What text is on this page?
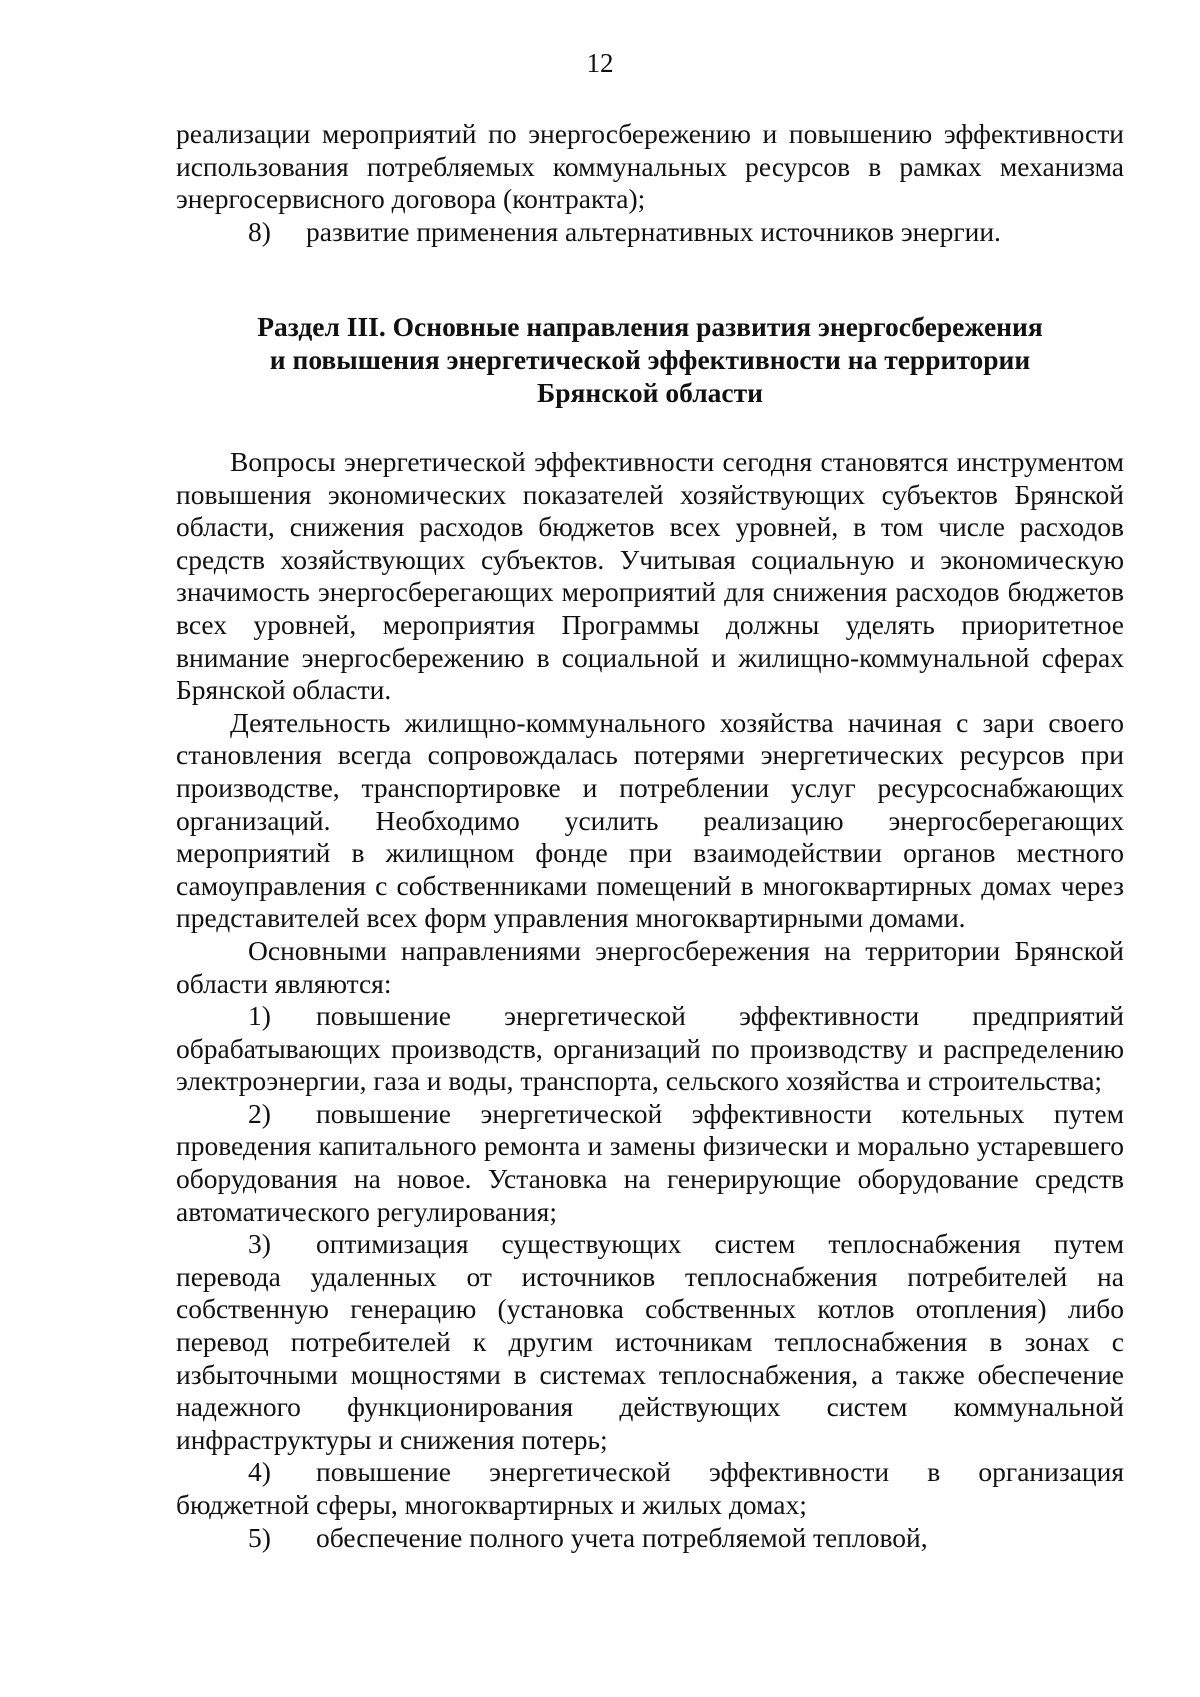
12

реализации мероприятий по энергосбережению и повышению эффективности использования потребляемых коммунальных ресурсов в рамках механизма энергосервисного договора (контракта);

8) развитие применения альтернативных источников энергии.

Раздел III. Основные направления развития энергосбережения
и повышения энергетической эффективности на территории
Брянской области

Вопросы энергетической эффективности сегодня становятся инструментом повышения экономических показателей хозяйствующих субъектов Брянской области, снижения расходов бюджетов всех уровней, в том числе расходов средств хозяйствующих субъектов. Учитывая социальную и экономическую значимость энергосберегающих мероприятий для снижения расходов бюджетов всех уровней, мероприятия Программы должны уделять приоритетное внимание энергосбережению в социальной и жилищно-коммунальной сферах Брянской области.

Деятельность жилищно-коммунального хозяйства начиная с зари своего становления всегда сопровождалась потерями энергетических ресурсов при производстве, транспортировке и потреблении услуг ресурсоснабжающих организаций. Необходимо усилить реализацию энергосберегающих мероприятий в жилищном фонде при взаимодействии органов местного самоуправления с собственниками помещений в многоквартирных домах через представителей всех форм управления многоквартирными домами.

Основными направлениями энергосбережения на территории Брянской области являются:

1) повышение энергетической эффективности предприятий обрабатывающих производств, организаций по производству и распределению электроэнергии, газа и воды, транспорта, сельского хозяйства и строительства;

2) повышение энергетической эффективности котельных путем проведения капитального ремонта и замены физически и морально устаревшего оборудования на новое. Установка на генерирующие оборудование средств автоматического регулирования;

3) оптимизация существующих систем теплоснабжения путем перевода удаленных от источников теплоснабжения потребителей на собственную генерацию (установка собственных котлов отопления) либо перевод потребителей к другим источникам теплоснабжения в зонах с избыточными мощностями в системах теплоснабжения, а также обеспечение надежного функционирования действующих систем коммунальной инфраструктуры и снижения потерь;

4) повышение энергетической эффективности в организация бюджетной сферы, многоквартирных и жилых домах;

5) обеспечение полного учета потребляемой тепловой,
